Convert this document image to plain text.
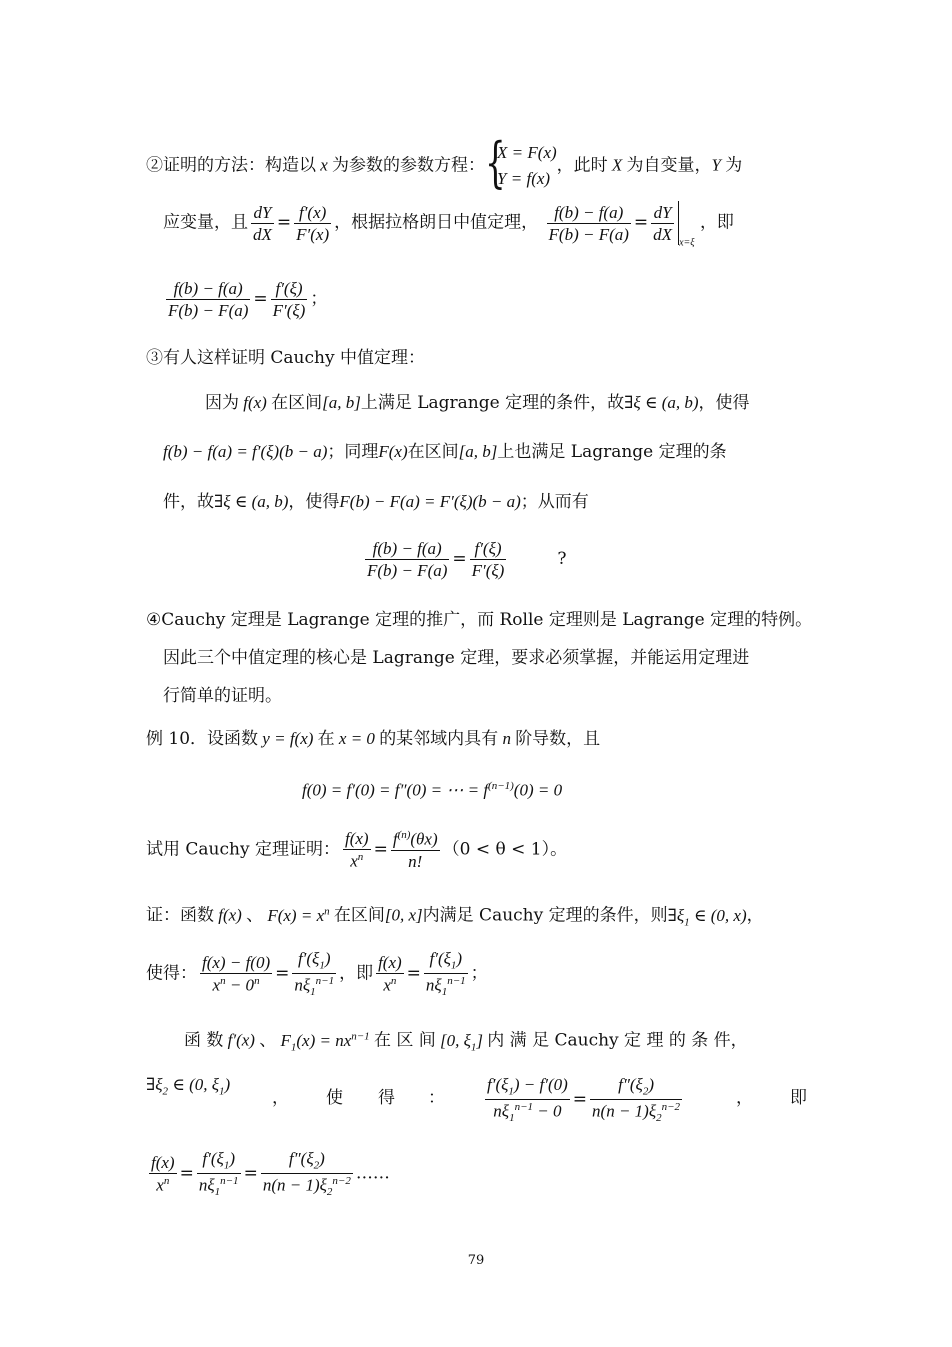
②证明的方法：构造以 x 为参数的参数方程： {
X = F(x)
Y = f(x)，此时 X 为自变量，Y 为
应变量，且 $\frac{dY}{dX} = \frac{f'(x)}{F'(x)}$ ，根据拉格朗日中值定理， $\frac{f(b) - f(a)}{F(b) - F(a)} = \frac{dY}{dX}$
$_{x=\xi}$ ，即
$\frac{f(b) - f(a)}{F(b) - F(a)} = \frac{f'(\xi)}{F'(\xi)}$ ；
③有人这样证明 Cauchy 中值定理：
因为 f(x) 在区间[a, b]上满足 Lagrange 定理的条件，故∃ξ ∈ (a, b)，使得
f(b) − f(a) = f′(ξ)(b − a)；同理F(x)在区间[a, b]上也满足 Lagrange 定理的条
件，故∃ξ ∈ (a, b)，使得F(b) − F(a) = F′(ξ)(b − a)；从而有
$\frac{f(b) - f(a)}{F(b) - F(a)} = \frac{f'(\xi)}{F'(\xi)}$	?
④Cauchy 定理是 Lagrange 定理的推广，而 Rolle 定理则是 Lagrange 定理的特例。
因此三个中值定理的核心是 Lagrange 定理，要求必须掌握，并能运用定理进
行简单的证明。
例 10．设函数 y = f(x) 在 x = 0 的某邻域内具有 n 阶导数，且
f(0) = f′(0) = f″(0) = ⋯ = $f^{(n-1)}(0) = 0$
试用 Cauchy 定理证明： $\frac{f(x)}{x^n} = \frac{f^{(n)}(\theta x)}{n!} (0 < \theta < 1)$。
证：函数 f(x) 、 $F(x) = x^n$ 在区间[0, x]内满足 Cauchy 定理的条件，则$\exists\xi_1$ ∈ (0, x)，
使得： $\frac{f(x) - f(0)}{x^n - 0^n} = \frac{f'(\xi_1)}{n\xi_1^{n-1}}$ ，即 $\frac{f(x)}{x^n} = \frac{f'(\xi_1)}{n\xi_1^{n-1}}$ ；
函 数 f′(x) 、 $F_1(x) = nx^{n-1}$ 在 区 间 [0, $\xi_1$] 内 满 足 Cauchy 定 理 的 条 件，
$\exists\xi_2$ ∈ (0, $\xi_1$)
， 使 得 ： $\frac{f'(\xi_1) - f'(0)}{n\xi_1^{n-1} - 0} = \frac{f''(\xi_2)}{n(n - 1)\xi_2^{n-2}}$	， 即
$\frac{f(x)}{x^n} = \frac{f'(\xi_1)}{n\xi_1^{n-1}} = \frac{f''(\xi_2)}{n(n - 1)\xi_2^{n-2}}$ ……
79
